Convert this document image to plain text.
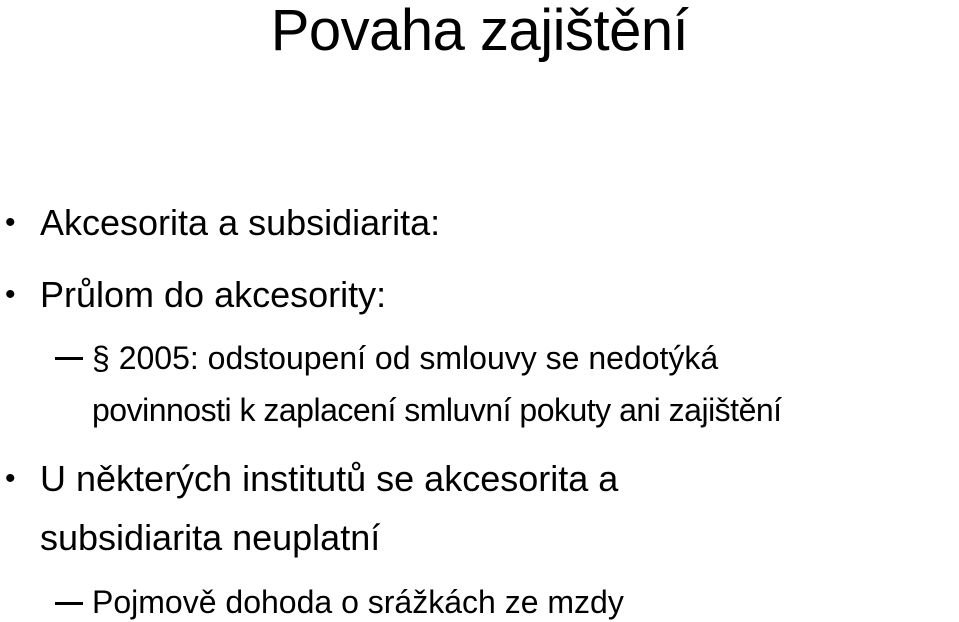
Povaha zajištění
• Akcesorita a subsidiarita:
• Průlom do akcesority:
§ 2005: odstoupení od smlouvy se nedotýká
povinnosti k zaplacení smluvní pokuty ani zajištění
• U některých institutů se akcesorita a
subsidiarita neuplatní
Pojmově dohoda o srážkách ze mzdy
